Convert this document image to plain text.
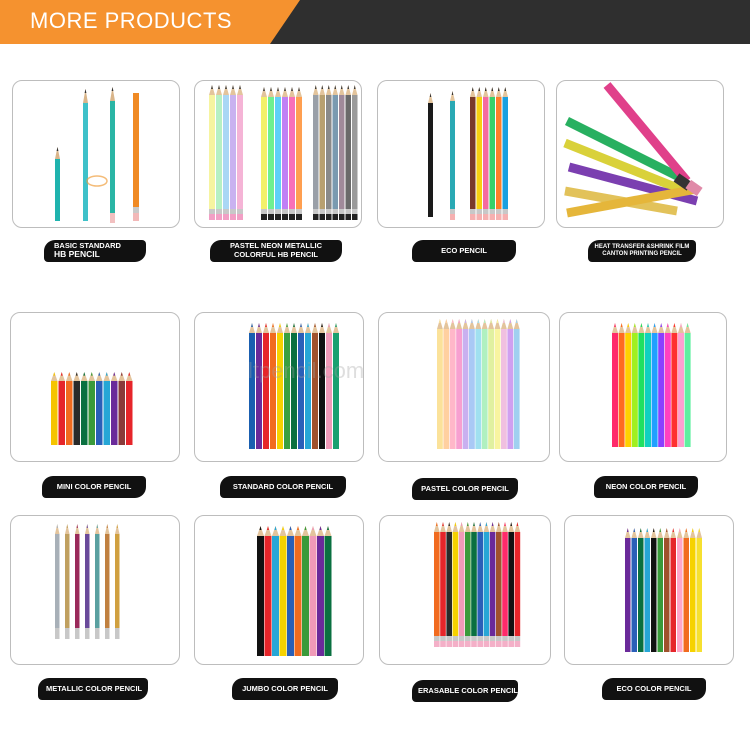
MORE PRODUCTS
BASIC STANDARD
HB PENCIL
PASTEL NEON METALLIC
COLORFUL HB PENCIL	ECO PENCIL	HEAT TRANSFER &SHRINK FILM
CANTON PRINTING PENCIL
MINI COLOR PENCIL	STANDARD COLOR PENCIL	PASTEL COLOR PENCIL	NEON COLOR PENCIL
METALLIC COLOR PENCIL	JUMBO COLOR PENCIL	ERASABLE COLOR PENCIL	ECO COLOR PENCIL
ltpencil.com
